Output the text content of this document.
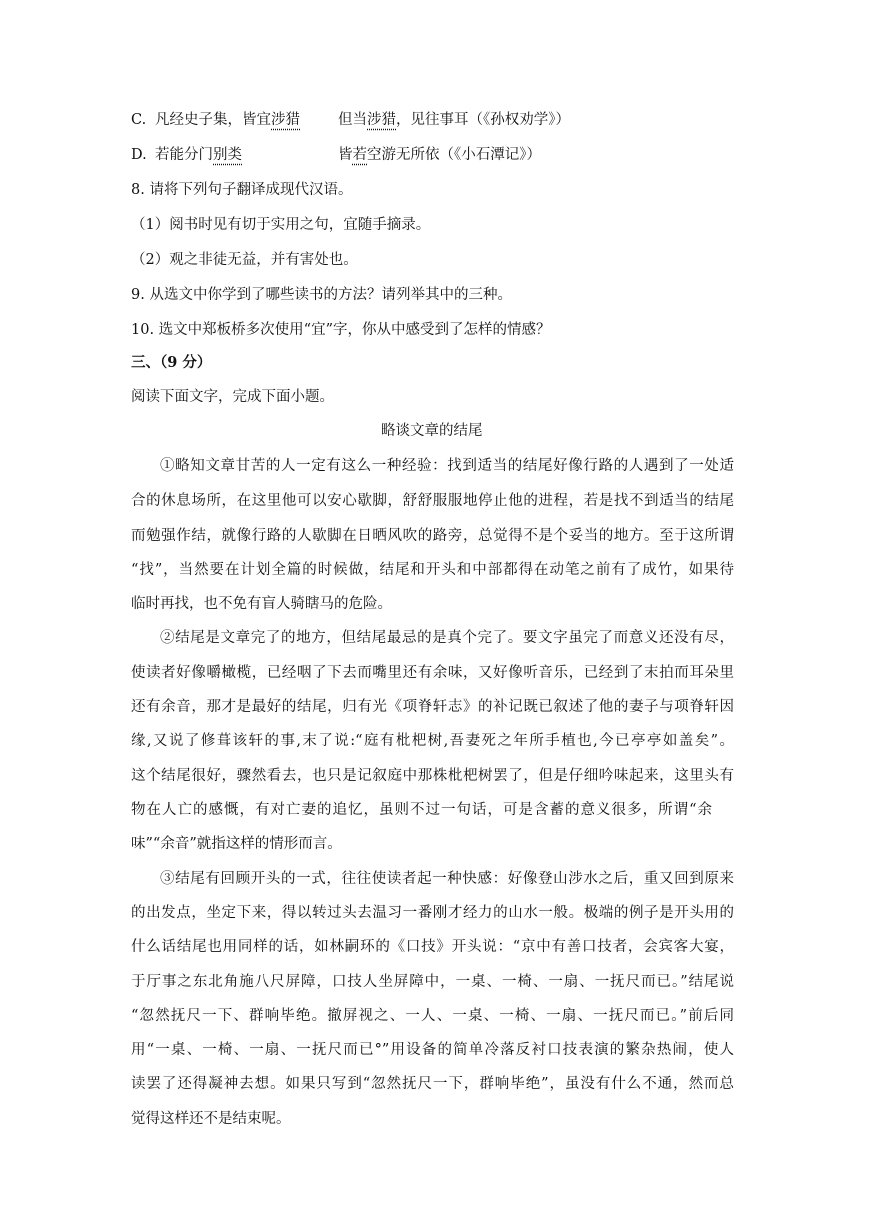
C. 凡经史子集，皆宜涉猎	但当涉猎，见往事耳（《孙权劝学》）
D. 若能分门别类	皆若空游无所依（《小石潭记》）
8. 请将下列句子翻译成现代汉语。
（1）阅书时见有切于实用之句，宜随手摘录。
（2）观之非徒无益，并有害处也。
9. 从选文中你学到了哪些读书的方法？请列举其中的三种。
10. 选文中郑板桥多次使用“宜”字，你从中感受到了怎样的情感？
三、（9 分）
阅读下面文字，完成下面小题。
略谈文章的结尾
①略知文章甘苦的人一定有这么一种经验：找到适当的结尾好像行路的人遇到了一处适
合的休息场所，在这里他可以安心歇脚，舒舒服服地停止他的进程，若是找不到适当的结尾
而勉强作结，就像行路的人歇脚在日晒风吹的路旁，总觉得不是个妥当的地方。至于这所谓
“找”，当然要在计划全篇的时候做，结尾和开头和中部都得在动笔之前有了成竹，如果待
临时再找，也不免有盲人骑瞎马的危险。
②结尾是文章完了的地方，但结尾最忌的是真个完了。要文字虽完了而意义还没有尽，
使读者好像嚼橄榄，已经咽了下去而嘴里还有余味，又好像听音乐，已经到了末拍而耳朵里
还有余音，那才是最好的结尾，归有光《项脊轩志》的补记既已叙述了他的妻子与项脊轩因
缘,又说了修葺该轩的事,末了说:“庭有枇杷树,吾妻死之年所手植也,今已亭亭如盖矣”。
这个结尾很好，骤然看去，也只是记叙庭中那株枇杷树罢了，但是仔细吟味起来，这里头有
物在人亡的感慨，有对亡妻的追忆，虽则不过一句话，可是含蓄的意义很多，所谓“余
味”“余音”就指这样的情形而言。
③结尾有回顾开头的一式，往往使读者起一种快感：好像登山涉水之后，重又回到原来
的出发点，坐定下来，得以转过头去温习一番刚才经力的山水一般。极端的例子是开头用的
什么话结尾也用同样的话，如林嗣环的《口技》开头说：“京中有善口技者，会宾客大宴，
于厅事之东北角施八尺屏障，口技人坐屏障中，一桌、一椅、一扇、一抚尺而已。”结尾说
“忽然抚尺一下、群响毕绝。撤屏视之、一人、一桌、一椅、一扇、一抚尺而已。”前后同
用“一桌、一椅、一扇、一抚尺而已°”用设备的简单冷落反衬口技表演的繁杂热闹，使人
读罢了还得凝神去想。如果只写到“忽然抚尺一下，群响毕绝”，虽没有什么不通，然而总
觉得这样还不是结束呢。
